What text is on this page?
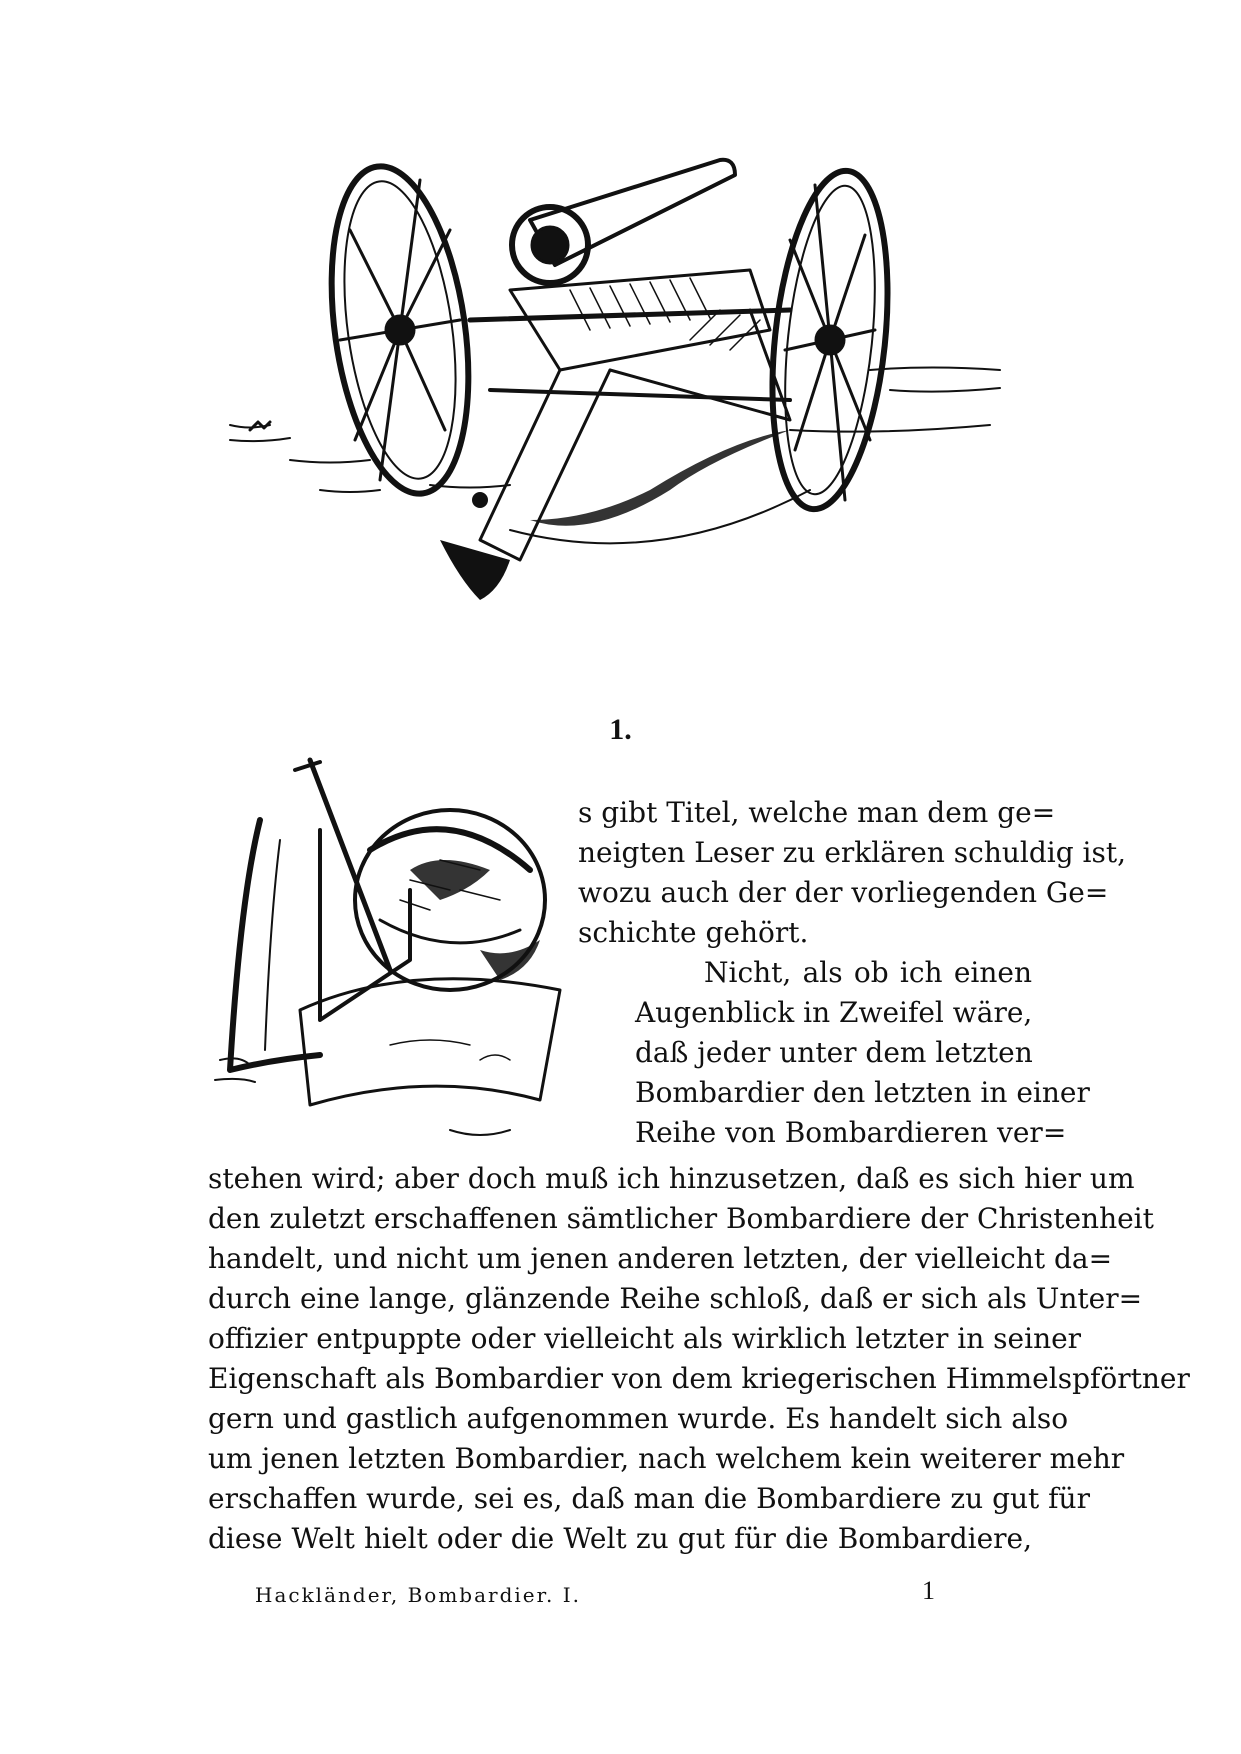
1.
s gibt Titel, welche man dem ge=
neigten Leser zu erklären schuldig ist,
wozu auch der der vorliegenden Ge=
schichte gehört.
Nicht, als ob ich einen
Augenblick in Zweifel wäre,
daß jeder unter dem letzten
Bombardier den letzten in einer
Reihe von Bombardieren ver=
stehen wird; aber doch muß ich hinzusetzen, daß es sich hier um
den zuletzt erschaffenen sämtlicher Bombardiere der Christenheit
handelt, und nicht um jenen anderen letzten, der vielleicht da=
durch eine lange, glänzende Reihe schloß, daß er sich als Unter=
offizier entpuppte oder vielleicht als wirklich letzter in seiner
Eigenschaft als Bombardier von dem kriegerischen Himmelspförtner
gern und gastlich aufgenommen wurde. Es handelt sich also
um jenen letzten Bombardier, nach welchem kein weiterer mehr
erschaffen wurde, sei es, daß man die Bombardiere zu gut für
diese Welt hielt oder die Welt zu gut für die Bombardiere,
Hackländer, Bombardier. I.	1
